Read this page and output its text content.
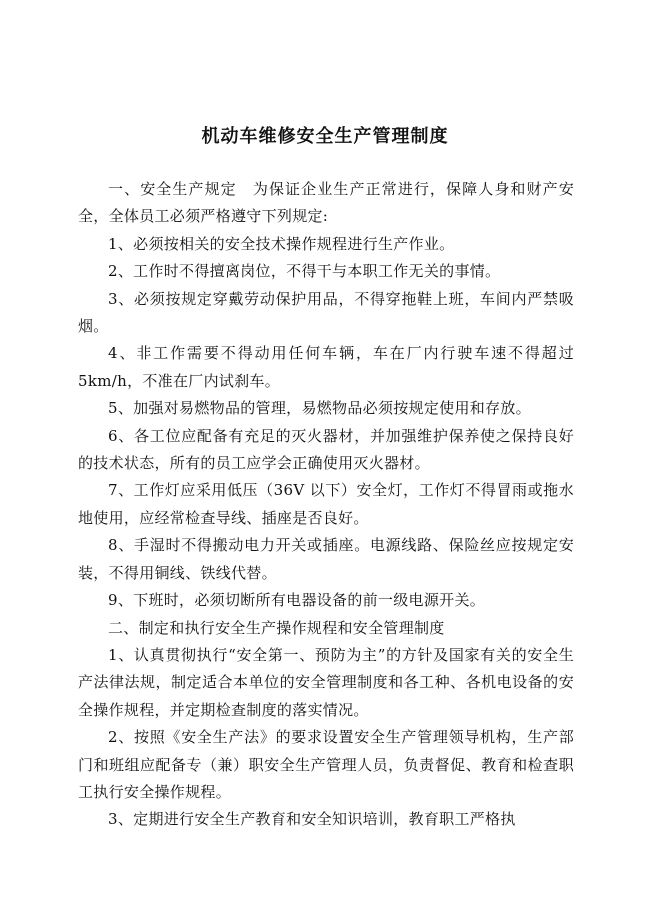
机动车维修安全生产管理制度

一、安全生产规定　为保证企业生产正常进行，保障人身和财产安全，全体员工必须严格遵守下列规定:

1、必须按相关的安全技术操作规程进行生产作业。

2、工作时不得擅离岗位，不得干与本职工作无关的事情。

3、必须按规定穿戴劳动保护用品，不得穿拖鞋上班，车间内严禁吸烟。

4、非工作需要不得动用任何车辆，车在厂内行驶车速不得超过 5km/h，不准在厂内试刹车。

5、加强对易燃物品的管理，易燃物品必须按规定使用和存放。

6、各工位应配备有充足的灭火器材，并加强维护保养使之保持良好的技术状态，所有的员工应学会正确使用灭火器材。

7、工作灯应采用低压（36V 以下）安全灯，工作灯不得冒雨或拖水地使用，应经常检查导线、插座是否良好。

8、手湿时不得搬动电力开关或插座。电源线路、保险丝应按规定安装，不得用铜线、铁线代替。

9、下班时，必须切断所有电器设备的前一级电源开关。

二、制定和执行安全生产操作规程和安全管理制度

1、认真贯彻执行“安全第一、预防为主”的方针及国家有关的安全生产法律法规，制定适合本单位的安全管理制度和各工种、各机电设备的安全操作规程，并定期检查制度的落实情况。

2、按照《安全生产法》的要求设置安全生产管理领导机构，生产部门和班组应配备专（兼）职安全生产管理人员，负责督促、教育和检查职工执行安全操作规程。

3、定期进行安全生产教育和安全知识培训，教育职工严格执
